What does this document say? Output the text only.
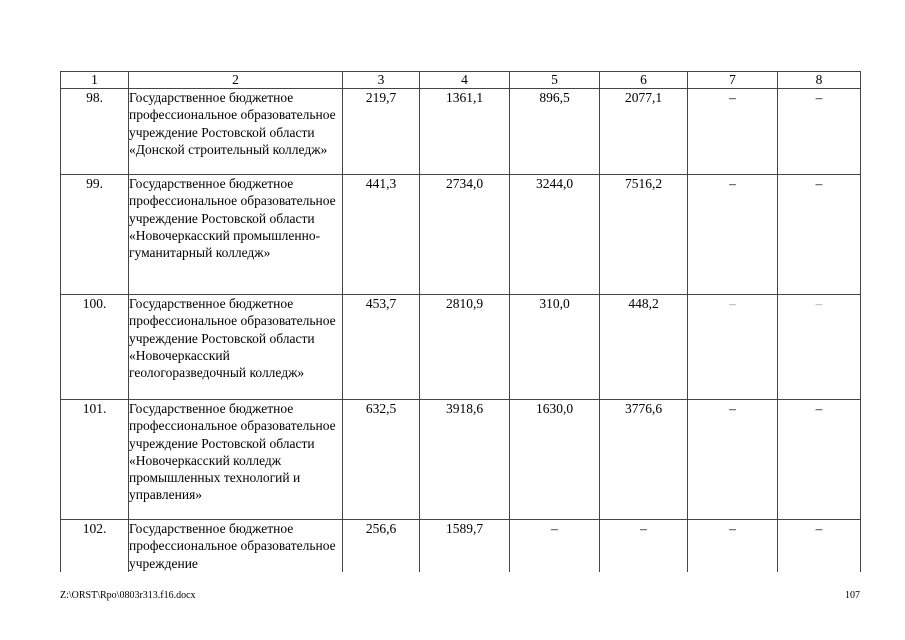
1	2	3	4	5	6	7	8
98.	Государственное бюджетное профессиональное образовательное учреждение Ростовской области «Донской строительный колледж»	219,7	1361,1	896,5	2077,1	–	–
99.	Государственное бюджетное профессиональное образовательное учреждение Ростовской области «Новочеркасский промышленно-гуманитарный колледж»	441,3	2734,0	3244,0	7516,2	–	–
100.	Государственное бюджетное профессиональное образовательное учреждение Ростовской области «Новочеркасский геологоразведочный колледж»	453,7	2810,9	310,0	448,2	–	–
101.	Государственное бюджетное профессиональное образовательное учреждение Ростовской области «Новочеркасский колледж промышленных технологий и управления»	632,5	3918,6	1630,0	3776,6	–	–
102.	Государственное бюджетное профессиональное образовательное учреждение	256,6	1589,7	–	–	–	–
Z:\ORST\Rpo\0803r313.f16.docx	107
